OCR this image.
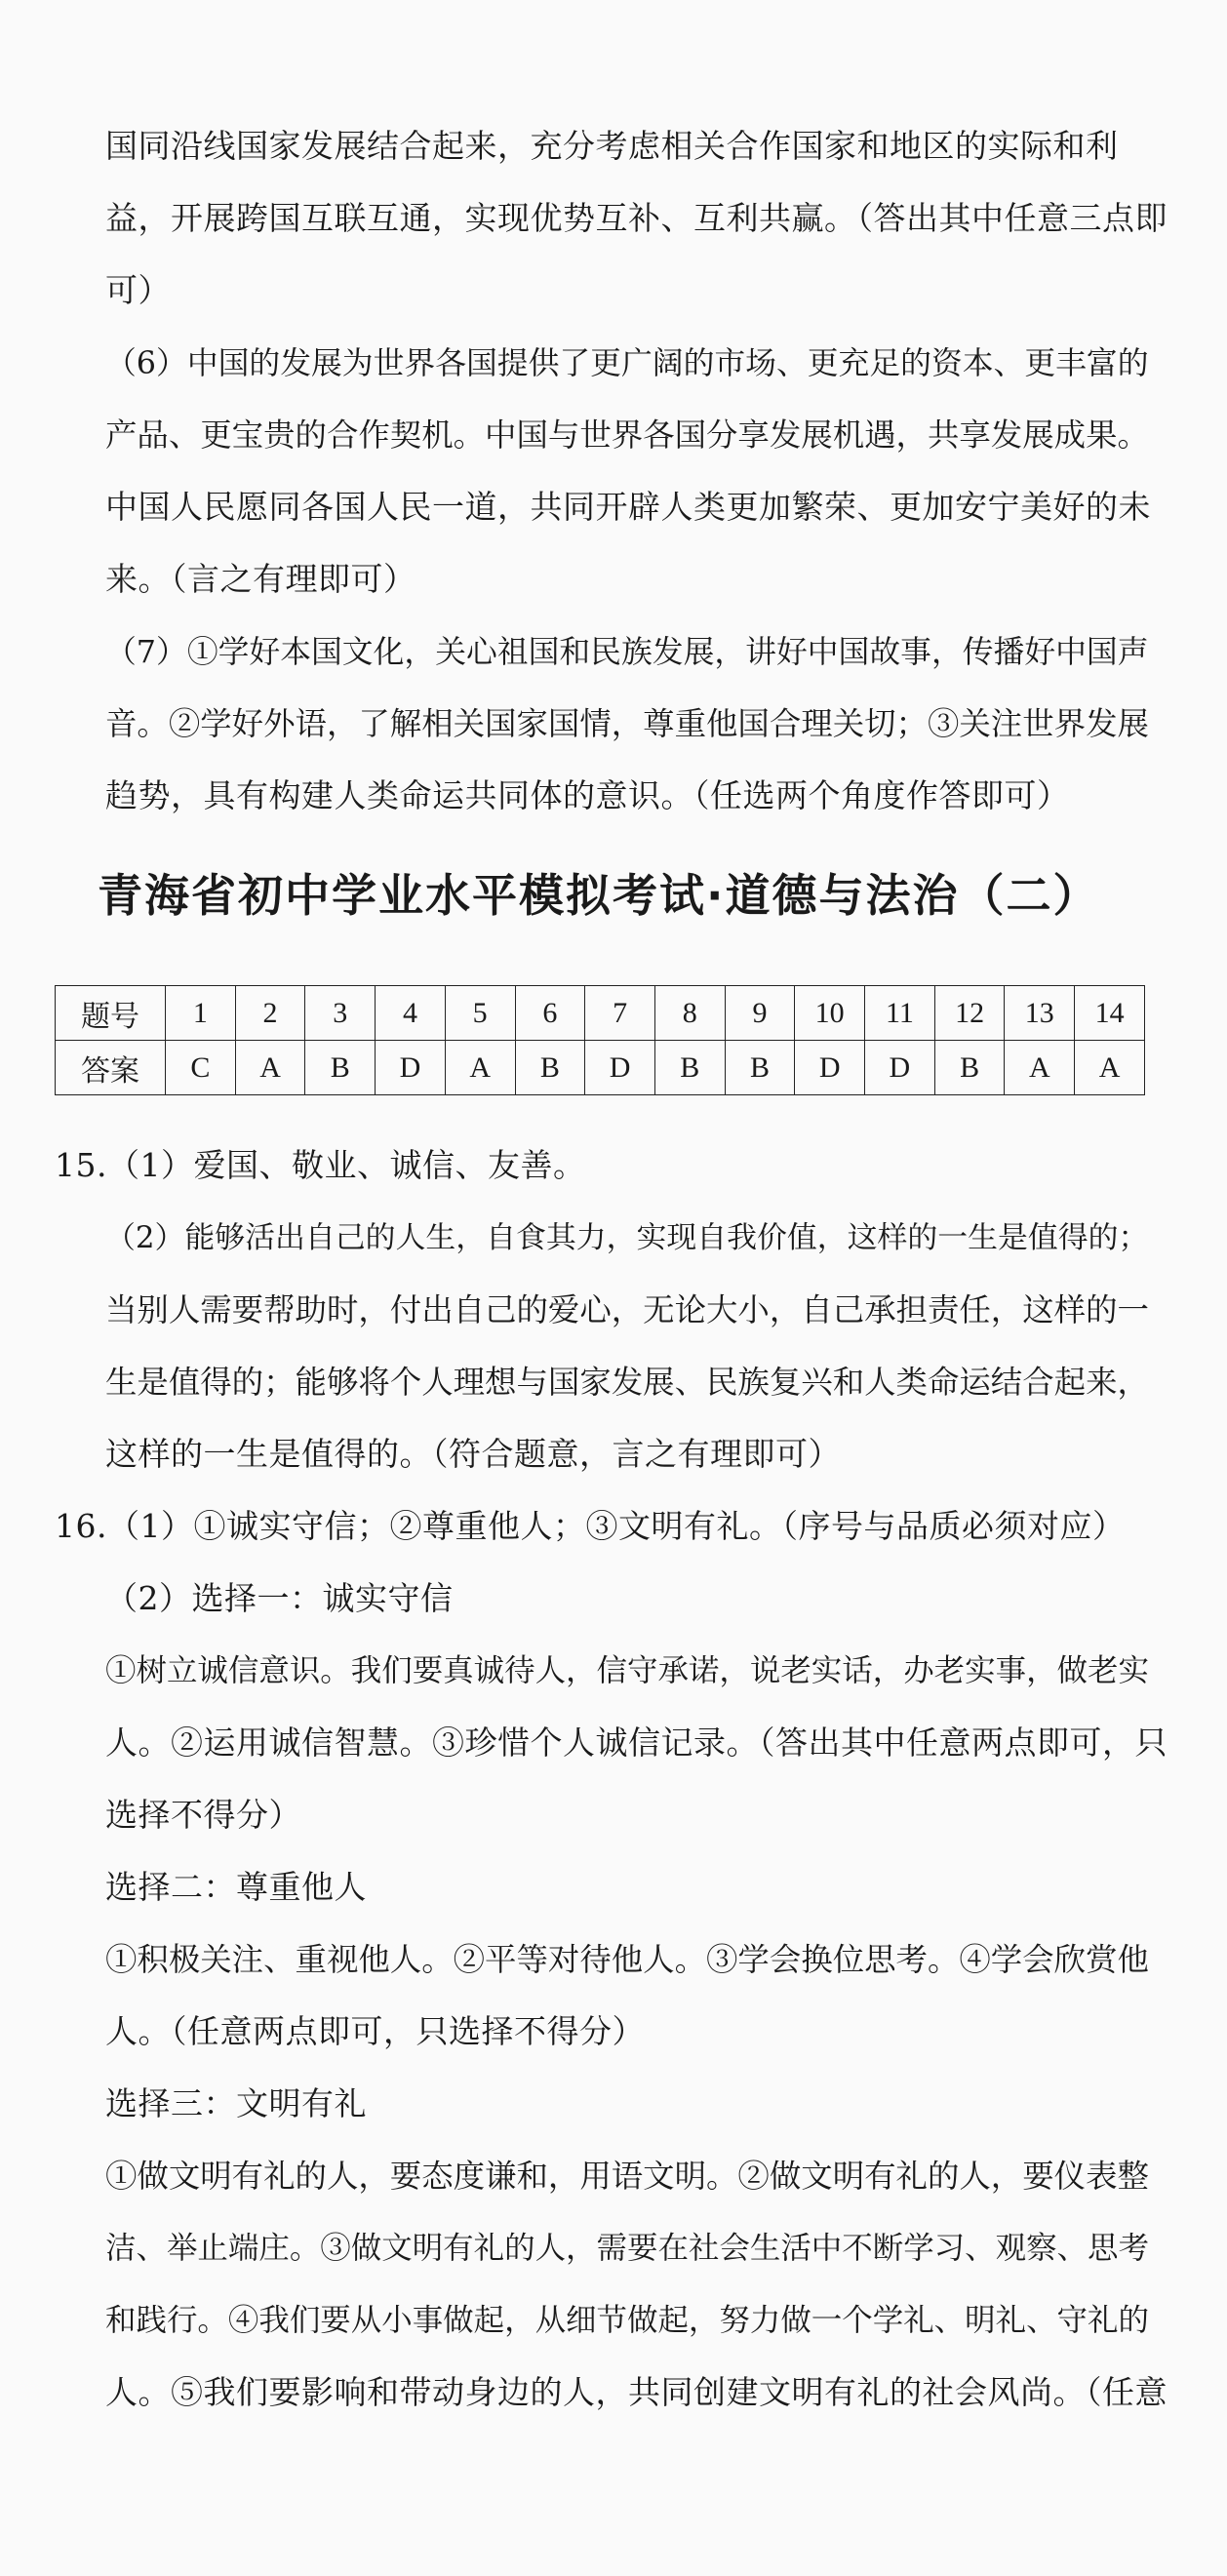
国同沿线国家发展结合起来，充分考虑相关合作国家和地区的实际和利
益，开展跨国互联互通，实现优势互补、互利共赢。（答出其中任意三点即
可）
（6）中国的发展为世界各国提供了更广阔的市场、更充足的资本、更丰富的
产品、更宝贵的合作契机。中国与世界各国分享发展机遇，共享发展成果。
中国人民愿同各国人民一道，共同开辟人类更加繁荣、更加安宁美好的未
来。（言之有理即可）
（7）①学好本国文化，关心祖国和民族发展，讲好中国故事，传播好中国声
音。②学好外语，了解相关国家国情，尊重他国合理关切；③关注世界发展
趋势，具有构建人类命运共同体的意识。（任选两个角度作答即可）
青海省初中学业水平模拟考试·道德与法治（二）
题号	1	2	3	4	5	6	7	8	9	10	11	12	13	14
答案	C	A	B	D	A	B	D	B	B	D	D	B	A	A
15.（1）爱国、敬业、诚信、友善。
（2）能够活出自己的人生，自食其力，实现自我价值，这样的一生是值得的；
当别人需要帮助时，付出自己的爱心，无论大小，自己承担责任，这样的一
生是值得的；能够将个人理想与国家发展、民族复兴和人类命运结合起来，
这样的一生是值得的。（符合题意，言之有理即可）
16.（1）①诚实守信；②尊重他人；③文明有礼。（序号与品质必须对应）
（2）选择一：诚实守信
①树立诚信意识。我们要真诚待人，信守承诺，说老实话，办老实事，做老实
人。②运用诚信智慧。③珍惜个人诚信记录。（答出其中任意两点即可，只
选择不得分）
选择二：尊重他人
①积极关注、重视他人。②平等对待他人。③学会换位思考。④学会欣赏他
人。（任意两点即可，只选择不得分）
选择三：文明有礼
①做文明有礼的人，要态度谦和，用语文明。②做文明有礼的人，要仪表整
洁、举止端庄。③做文明有礼的人，需要在社会生活中不断学习、观察、思考
和践行。④我们要从小事做起，从细节做起，努力做一个学礼、明礼、守礼的
人。⑤我们要影响和带动身边的人，共同创建文明有礼的社会风尚。（任意
